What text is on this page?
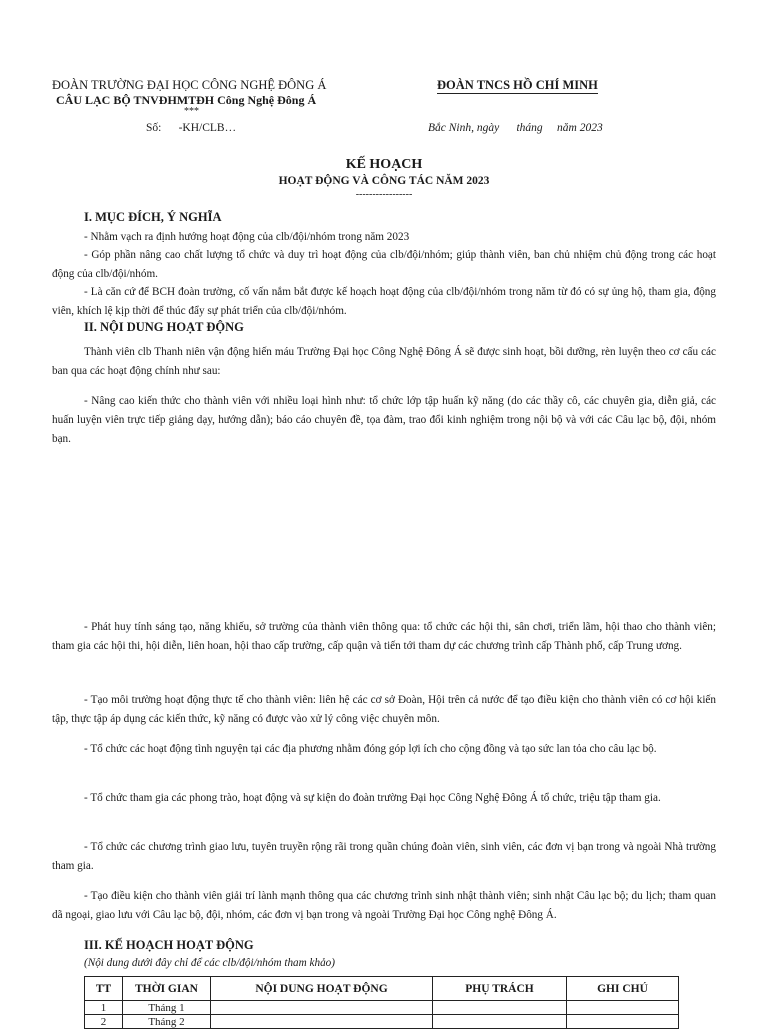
ĐOÀN TRƯỜNG ĐẠI HỌC CÔNG NGHỆ ĐÔNG Á
CÂU LẠC BỘ TNVĐHMTĐH Công Nghệ Đông Á
***
Số:      -KH/CLB…
ĐOÀN TNCS HỒ CHÍ MINH
Bắc Ninh, ngày      tháng     năm 2023
KẾ HOẠCH
HOẠT ĐỘNG VÀ CÔNG TÁC NĂM 2023
-----------------
I. MỤC ĐÍCH, Ý NGHĨA

- Nhằm vạch ra định hướng hoạt động của clb/đội/nhóm trong năm 2023

- Góp phần nâng cao chất lượng tổ chức và duy trì hoạt động của clb/đội/nhóm; giúp thành viên, ban chủ nhiệm chủ động trong các hoạt động của clb/đội/nhóm.

- Là căn cứ để BCH đoàn trường, cố vấn nắm bắt được kế hoạch hoạt động của clb/đội/nhóm trong năm từ đó có sự ủng hộ, tham gia, động viên, khích lệ kịp thời để thúc đẩy sự phát triển của clb/đội/nhóm.

II. NỘI DUNG HOẠT ĐỘNG

Thành viên clb Thanh niên vận động hiến máu Trường Đại học Công Nghệ Đông Á sẽ được sinh hoạt, bồi dưỡng, rèn luyện theo cơ cấu các ban qua các hoạt động chính như sau:

- Nâng cao kiến thức cho thành viên với nhiều loại hình như: tổ chức lớp tập huấn kỹ năng (do các thầy cô, các chuyên gia, diễn giả, các huấn luyện viên trực tiếp giảng dạy, hướng dẫn); báo cáo chuyên đề, tọa đàm, trao đổi kinh nghiệm trong nội bộ và với các Câu lạc bộ, đội, nhóm bạn.

- Phát huy tính sáng tạo, năng khiếu, sở trường của thành viên thông qua: tổ chức các hội thi, sân chơi, triển lãm, hội thao cho thành viên; tham gia các hội thi, hội diễn, liên hoan, hội thao cấp trường, cấp quận và tiến tới tham dự các chương trình cấp Thành phố, cấp Trung ương.

- Tạo môi trường hoạt động thực tế cho thành viên: liên hệ các cơ sở Đoàn, Hội trên cả nước để tạo điều kiện cho thành viên có cơ hội kiến tập, thực tập áp dụng các kiến thức, kỹ năng có được vào xử lý công việc chuyên môn.

- Tổ chức các hoạt động tình nguyện tại các địa phương nhằm đóng góp lợi ích cho cộng đồng và tạo sức lan tỏa cho câu lạc bộ.

- Tổ chức tham gia các phong trào, hoạt động và sự kiện do đoàn trường Đại học Công Nghệ Đông Á tổ chức, triệu tập tham gia.

- Tổ chức các chương trình giao lưu, tuyên truyền rộng rãi trong quần chúng đoàn viên, sinh viên, các đơn vị bạn trong và ngoài Nhà trường tham gia.

- Tạo điều kiện cho thành viên giải trí lành mạnh thông qua các chương trình sinh nhật thành viên; sinh nhật Câu lạc bộ; du lịch; tham quan dã ngoại, giao lưu với Câu lạc bộ, đội, nhóm, các đơn vị bạn trong và ngoài Trường Đại học Công nghệ Đông Á.

III. KẾ HOẠCH HOẠT ĐỘNG
(Nội dung dưới đây chỉ để các clb/đội/nhóm tham khảo)
TT	THỜI GIAN	NỘI DUNG HOẠT ĐỘNG	PHỤ TRÁCH	GHI CHÚ
1	Tháng 1			
2	Tháng 2			
